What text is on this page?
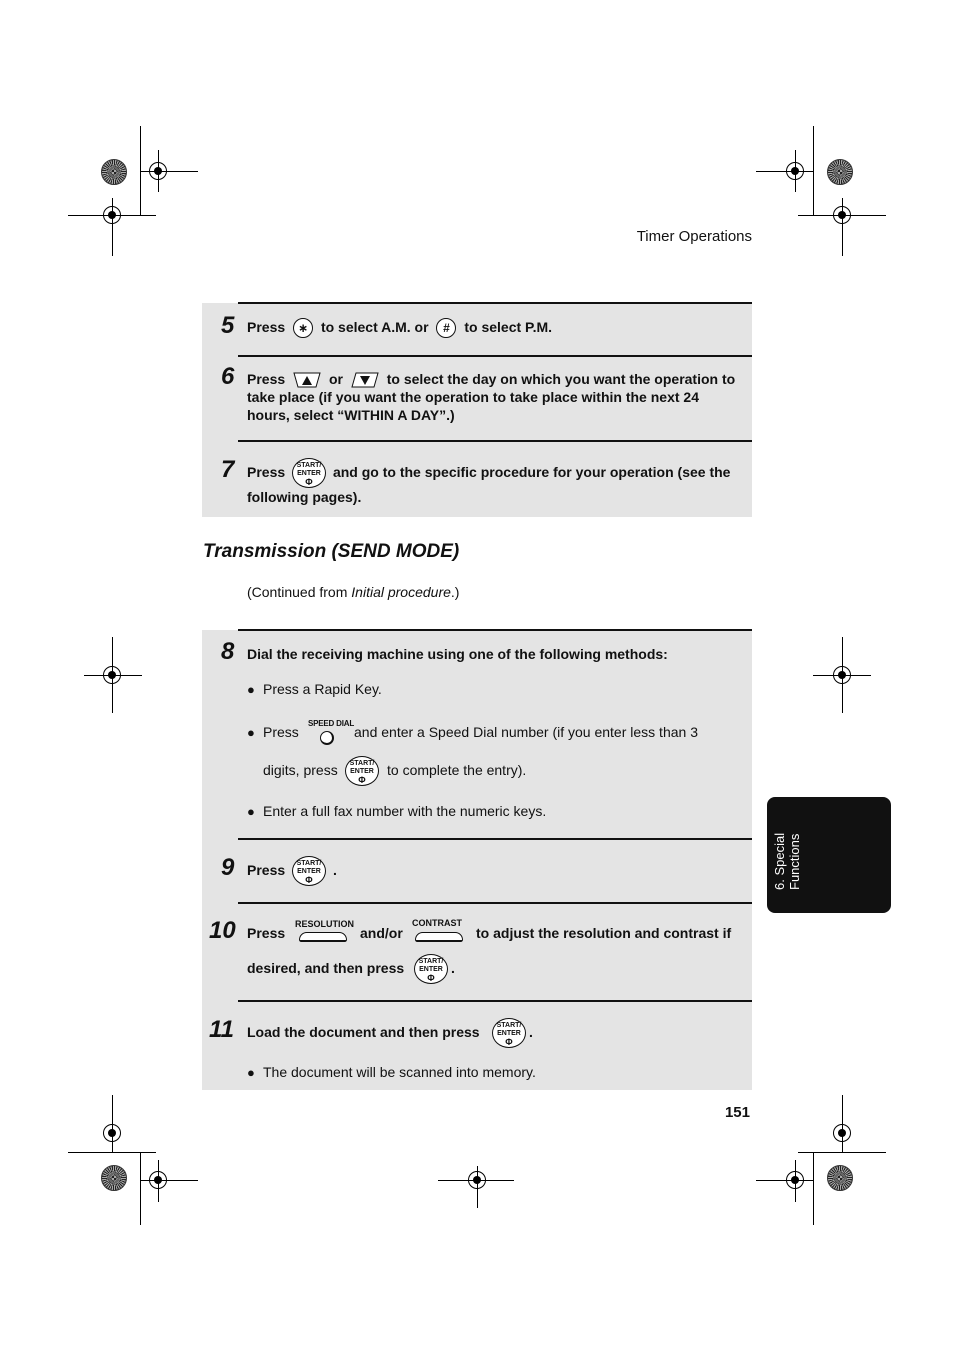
Timer Operations
5 Press ∗ to select A.M. or # to select P.M.
6 Press	or	to select the day on which you want the operation to
take place (if you want the operation to take place within the next 24
hours, select “WITHIN A DAY”.)
7 Press	and go to the specific procedure for your operation (see the
following pages).
START/
ENTER
Φ
Transmission (SEND MODE)
(Continued from Initial procedure.)
8 Dial the receiving machine using one of the following methods:
● Press a Rapid Key.
● Press
SPEED DIAL
and enter a Speed Dial number (if you enter less than 3
digits, press	START/
ENTER
Φ
to complete the entry).
● Enter a full fax number with the numeric keys.
9 Press	START/
ENTER
Φ
.
10 Press
RESOLUTION
and/or
CONTRAST
to adjust the resolution and contrast if
desired, and then press	START/
ENTER
Φ
.
11 Load the document and then press	START/
ENTER
Φ
.
● The document will be scanned into memory.
6. Special Functions
151
